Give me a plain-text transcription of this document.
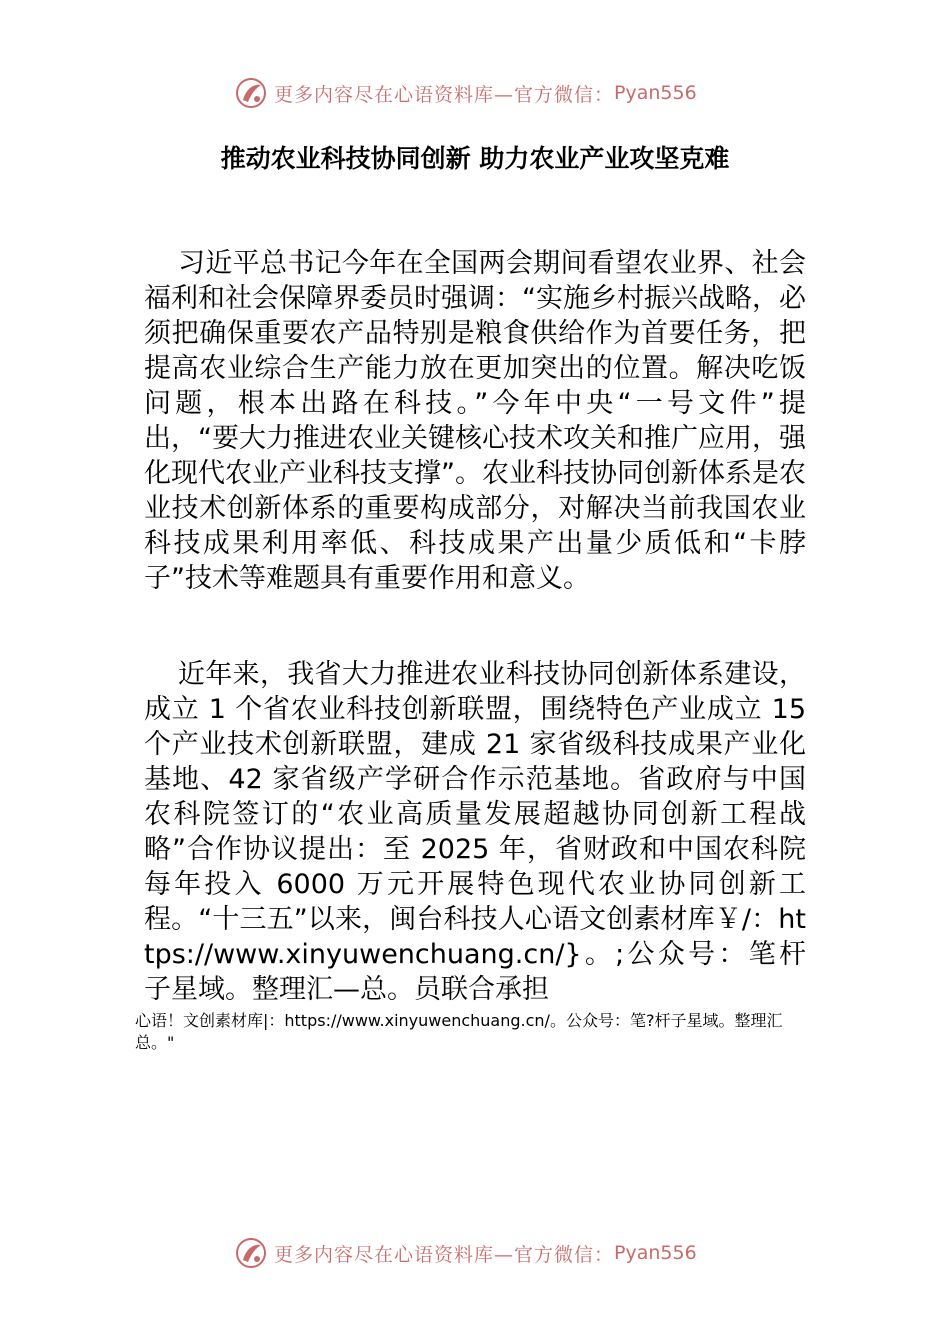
更多内容尽在心语资料库—官方微信： Pyan556
推动农业科技协同创新 助力农业产业攻坚克难

习近平总书记今年在全国两会期间看望农业界、社会福利和社会保障界委员时强调：“实施乡村振兴战略，必须把确保重要农产品特别是粮食供给作为首要任务，把提高农业综合生产能力放在更加突出的位置。解决吃饭问题，根本出路在科技。”今年中央“一号文件”提出，“要大力推进农业关键核心技术攻关和推广应用，强化现代农业产业科技支撑”。农业科技协同创新体系是农业技术创新体系的重要构成部分，对解决当前我国农业科技成果利用率低、科技成果产出量少质低和“卡脖子”技术等难题具有重要作用和意义。

近年来，我省大力推进农业科技协同创新体系建设，成立 1 个省农业科技创新联盟，围绕特色产业成立 15 个产业技术创新联盟，建成 21 家省级科技成果产业化基地、42 家省级产学研合作示范基地。省政府与中国农科院签订的“农业高质量发展超越协同创新工程战略”合作协议提出：至 2025 年，省财政和中国农科院每年投入 6000 万元开展特色现代农业协同创新工程。“十三五”以来，闽台科技人心语文创素材库￥/：https://www.xinyuwenchuang.cn/}。;公众号：笔杆子星域。整理汇—总。员联合承担

心语！文创素材库|：https://www.xinyuwenchuang.cn/。公众号：笔?杆子星域。整理汇总。"

更多内容尽在心语资料库—官方微信： Pyan556
